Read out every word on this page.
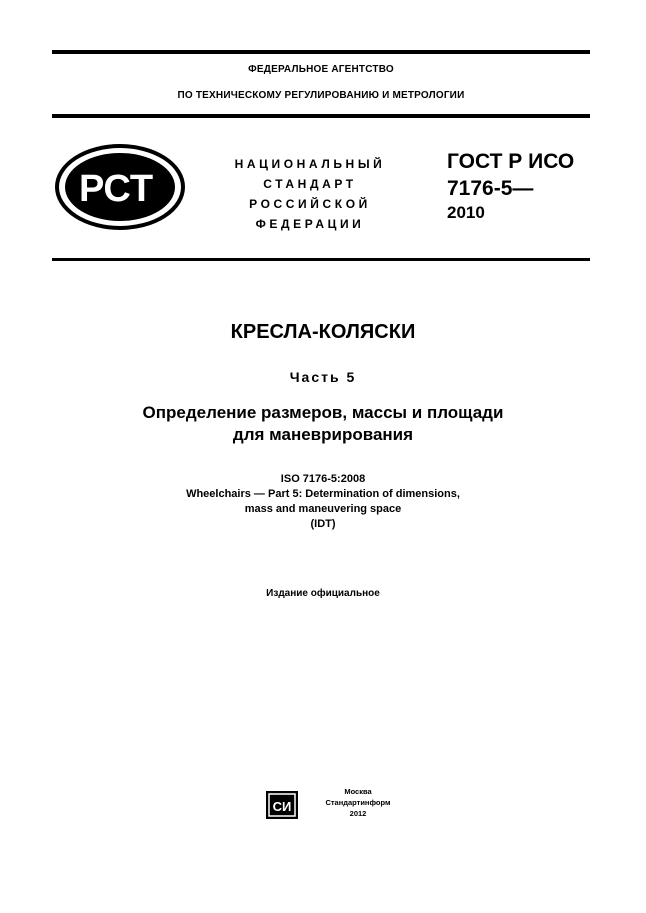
ФЕДЕРАЛЬНОЕ АГЕНТСТВО
ПО ТЕХНИЧЕСКОМУ РЕГУЛИРОВАНИЮ И МЕТРОЛОГИИ
РСТ
НАЦИОНАЛЬНЫЙ
СТАНДАРТ
РОССИЙСКОЙ
ФЕДЕРАЦИИ
ГОСТ Р ИСО
7176-5—
2010
КРЕСЛА-КОЛЯСКИ
Часть 5
Определение размеров, массы и площади
для маневрирования
ISO 7176-5:2008
Wheelchairs — Part 5: Determination of dimensions,
mass and maneuvering space
(IDT)
Издание официальное
СИ
Москва
Стандартинформ
2012
